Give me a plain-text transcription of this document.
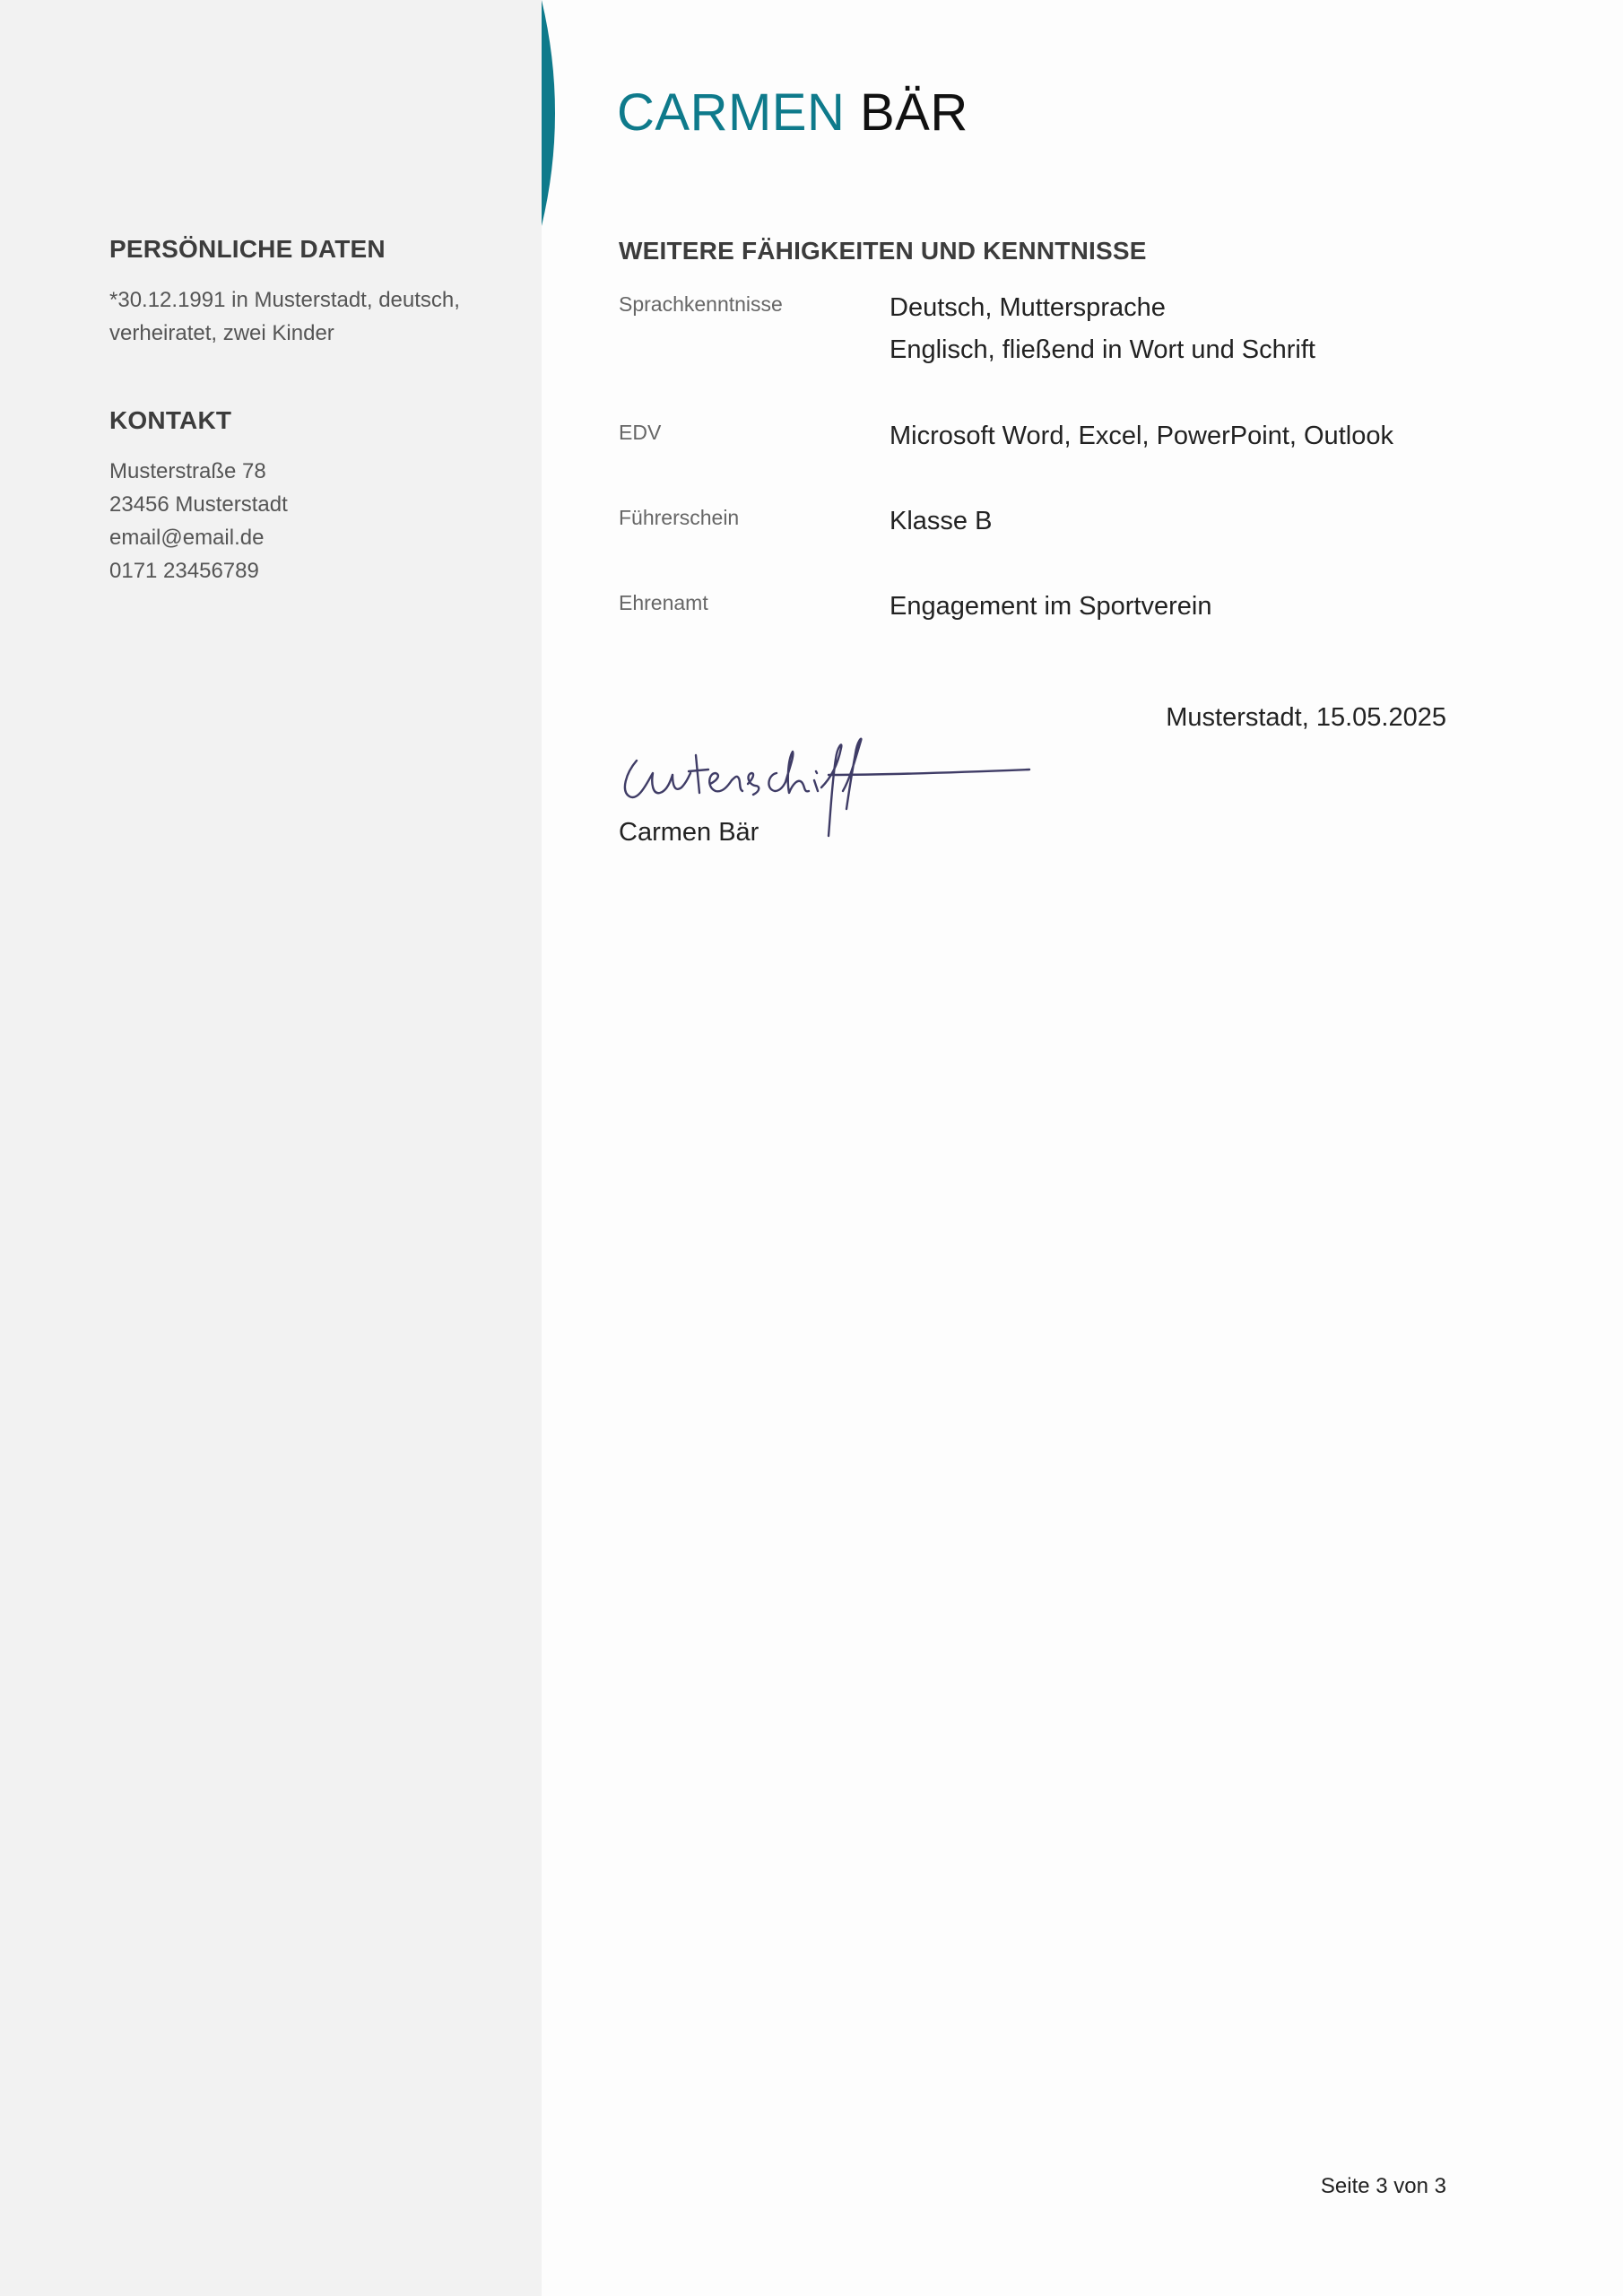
PERSÖNLICHE DATEN

*30.12.1991 in Musterstadt, deutsch,

verheiratet, zwei Kinder

KONTAKT

Musterstraße 78

23456 Musterstadt

email@email.de

0171 23456789

CARMEN BÄR
WEITERE FÄHIGKEITEN UND KENNTNISSE
Sprachkenntnisse	Deutsch, Muttersprache
Englisch, fließend in Wort und Schrift
EDV	Microsoft Word, Excel, PowerPoint, Outlook
Führerschein	Klasse B
Ehrenamt	Engagement im Sportverein
Musterstadt, 15.05.2025
Carmen Bär
Seite 3 von 3
